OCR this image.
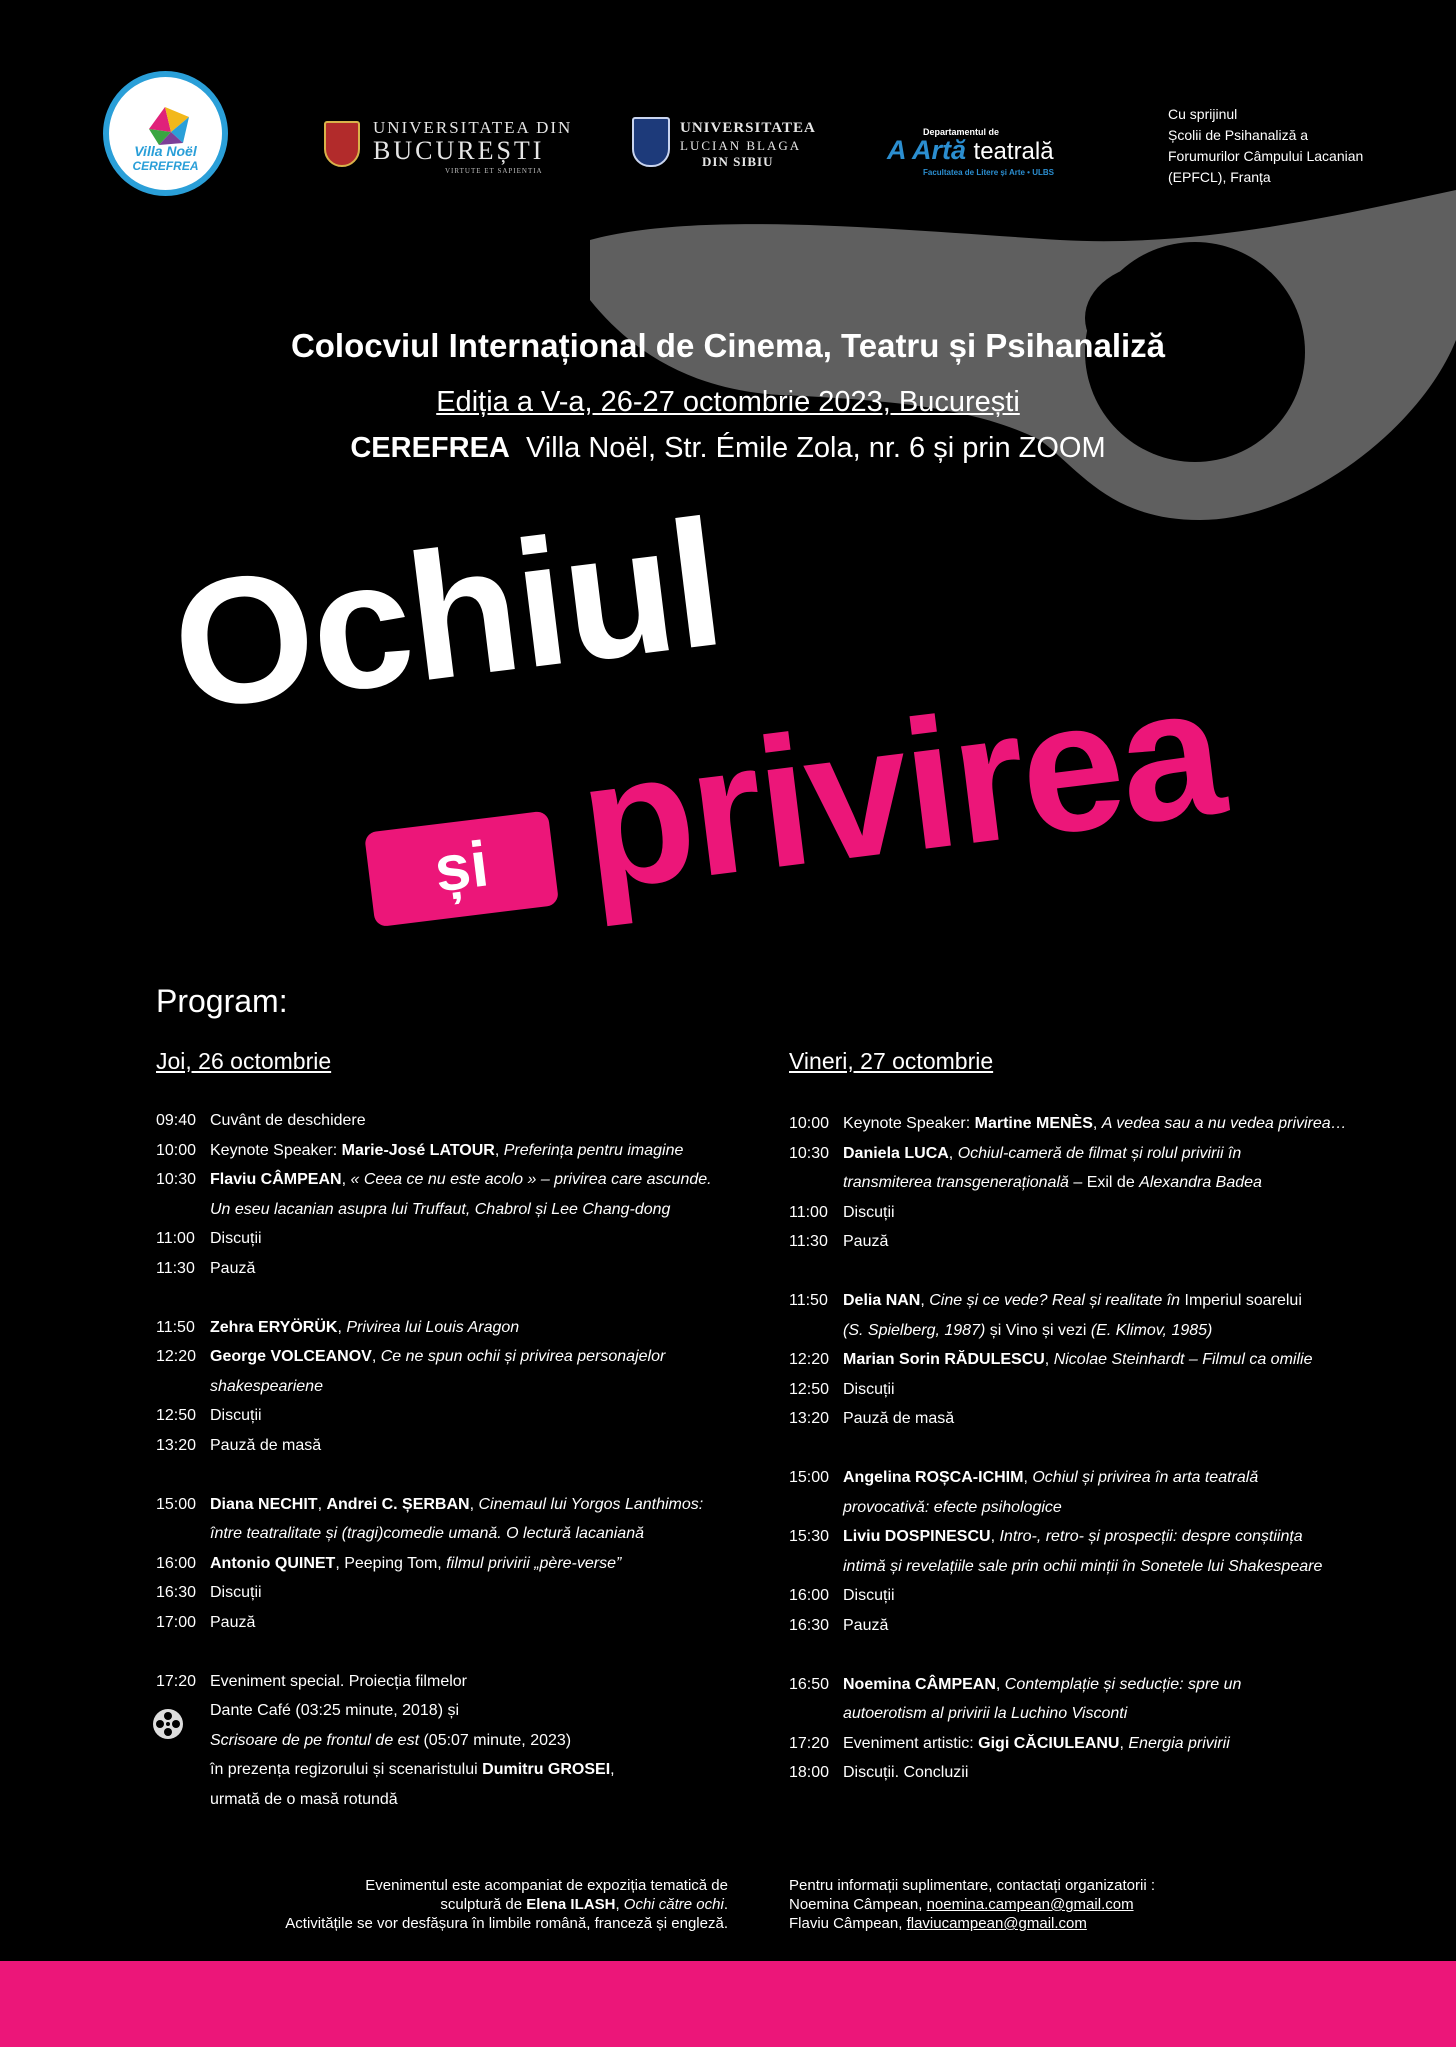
Villa Noël
CEREFREA
UNIVERSITATEA DIN
BUCUREȘTI
VIRTUTE ET SAPIENTIA
UNIVERSITATEA
LUCIAN BLAGA
DIN SIBIU
Departamentul de
A Artă teatrală
Facultatea de Litere și Arte • ULBS
Cu sprijinul
Școlii de Psihanaliză a
Forumurilor Câmpului Lacanian
(EPFCL), Franța
Colocviul Internațional de Cinema, Teatru și Psihanaliză
Ediția a V-a, 26-27 octombrie 2023, București
CEREFREA Villa Noël, Str. Émile Zola, nr. 6 și prin ZOOM
Ochiul
și privirea
Program:
Joi, 26 octombrie	Vineri, 27 octombrie
09:40 Cuvânt de deschidere
10:00 Keynote Speaker: Marie-José LATOUR, Preferința pentru imagine
10:30 Flaviu CÂMPEAN, « Ceea ce nu este acolo » – privirea care ascunde.
Un eseu lacanian asupra lui Truffaut, Chabrol și Lee Chang-dong
11:00 Discuții
11:30 Pauză
11:50 Zehra ERYÖRÜK, Privirea lui Louis Aragon
12:20 George VOLCEANOV, Ce ne spun ochii și privirea personajelor
shakespeariene
12:50 Discuții
13:20 Pauză de masă
15:00 Diana NECHIT, Andrei C. ȘERBAN, Cinemaul lui Yorgos Lanthimos:
între teatralitate și (tragi)comedie umană. O lectură lacaniană
16:00 Antonio QUINET, Peeping Tom, filmul privirii „père-verse”
16:30 Discuții
17:00 Pauză
17:20 Eveniment special. Proiecția filmelor
Dante Café (03:25 minute, 2018) și
Scrisoare de pe frontul de est (05:07 minute, 2023)
în prezența regizorului și scenaristului Dumitru GROSEI,
urmată de o masă rotundă
10:00 Keynote Speaker: Martine MENÈS, A vedea sau a nu vedea privirea…
10:30 Daniela LUCA, Ochiul-cameră de filmat și rolul privirii în
transmiterea transgenerațională – Exil de Alexandra Badea
11:00 Discuții
11:30 Pauză
11:50 Delia NAN, Cine și ce vede? Real și realitate în Imperiul soarelui
(S. Spielberg, 1987) și Vino și vezi (E. Klimov, 1985)
12:20 Marian Sorin RĂDULESCU, Nicolae Steinhardt – Filmul ca omilie
12:50 Discuții
13:20 Pauză de masă
15:00 Angelina ROȘCA-ICHIM, Ochiul și privirea în arta teatrală
provocativă: efecte psihologice
15:30 Liviu DOSPINESCU, Intro-, retro- și prospecții: despre conștiința
intimă și revelațiile sale prin ochii minții în Sonetele lui Shakespeare
16:00 Discuții
16:30 Pauză
16:50 Noemina CÂMPEAN, Contemplație și seducție: spre un
autoerotism al privirii la Luchino Visconti
17:20 Eveniment artistic: Gigi CĂCIULEANU, Energia privirii
18:00 Discuții. Concluzii
Evenimentul este acompaniat de expoziția tematică de
sculptură de Elena ILASH, Ochi către ochi.
Activitățile se vor desfășura în limbile română, franceză și engleză.
Pentru informații suplimentare, contactați organizatorii :
Noemina Câmpean, noemina.campean@gmail.com
Flaviu Câmpean, flaviucampean@gmail.com
